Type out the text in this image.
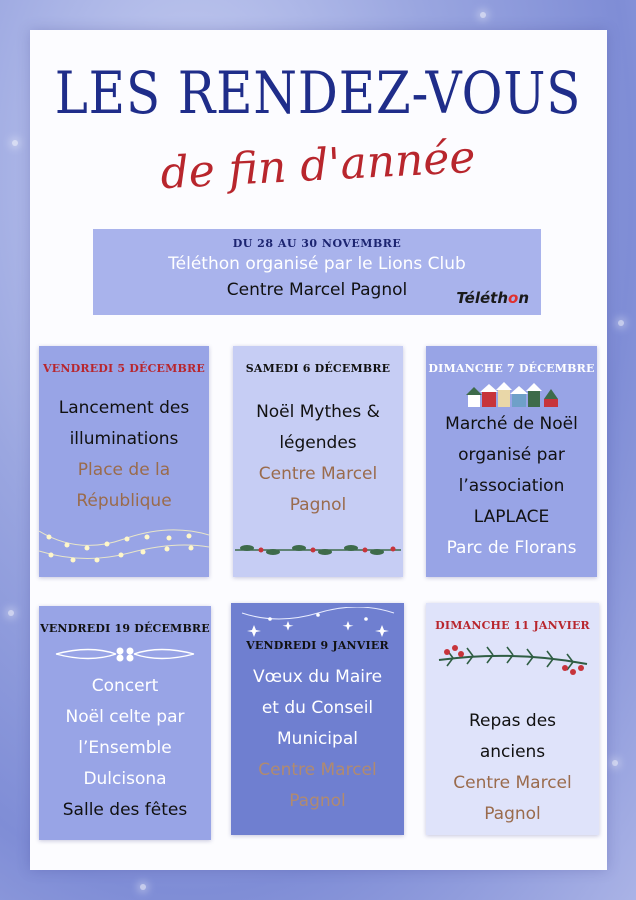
LES RENDEZ-VOUS
de fin d'année
DU 28 AU 30 NOVEMBRE
Téléthon organisé par le Lions Club
Centre Marcel Pagnol	Téléthon
VENDREDI 5 DÉCEMBRE
Lancement des
illuminations
Place de la
République
SAMEDI 6 DÉCEMBRE
Noël Mythes &
légendes
Centre Marcel
Pagnol
DIMANCHE 7 DÉCEMBRE
Marché de Noël
organisé par
l’association
LAPLACE
Parc de Florans
VENDREDI 19 DÉCEMBRE
Concert
Noël celte par
l’Ensemble
Dulcisona
Salle des fêtes
VENDREDI 9 JANVIER
Vœux du Maire
et du Conseil
Municipal
Centre Marcel
Pagnol
DIMANCHE 11 JANVIER
Repas des
anciens
Centre Marcel
Pagnol
